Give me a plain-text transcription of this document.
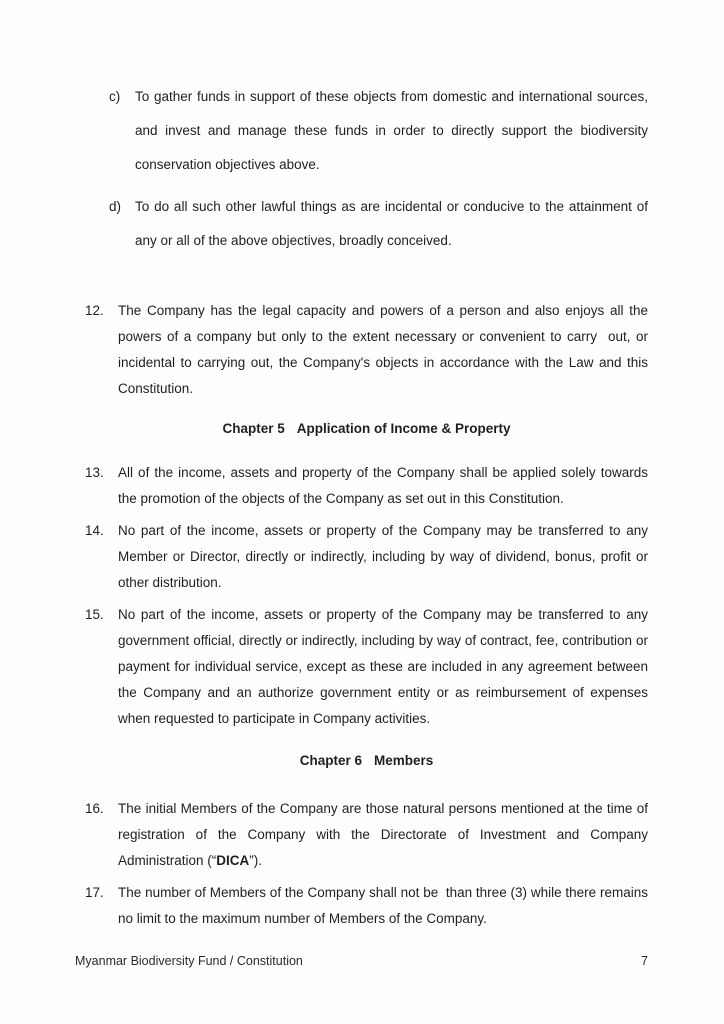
c)	To gather funds in support of these objects from domestic and international sources, and invest and manage these funds in order to directly support the biodiversity conservation objectives above.
d)	To do all such other lawful things as are incidental or conducive to the attainment of any or all of the above objectives, broadly conceived.
12.	The Company has the legal capacity and powers of a person and also enjoys all the powers of a company but only to the extent necessary or convenient to carry  out, or incidental to carrying out, the Company's objects in accordance with the Law and this Constitution.
Chapter 5 Application of Income & Property
13.	All of the income, assets and property of the Company shall be applied solely towards the promotion of the objects of the Company as set out in this Constitution.
14.	No part of the income, assets or property of the Company may be transferred to any Member or Director, directly or indirectly, including by way of dividend, bonus, profit or other distribution.
15.	No part of the income, assets or property of the Company may be transferred to any government official, directly or indirectly, including by way of contract, fee, contribution or payment for individual service, except as these are included in any agreement between the Company and an authorize government entity or as reimbursement of expenses when requested to participate in Company activities.
Chapter 6 Members
16.	The initial Members of the Company are those natural persons mentioned at the time of registration of the Company with the Directorate of Investment and Company Administration (“DICA”).
17.	The number of Members of the Company shall not be  than three (3) while there remains no limit to the maximum number of Members of the Company.
Myanmar Biodiversity Fund / Constitution	7
